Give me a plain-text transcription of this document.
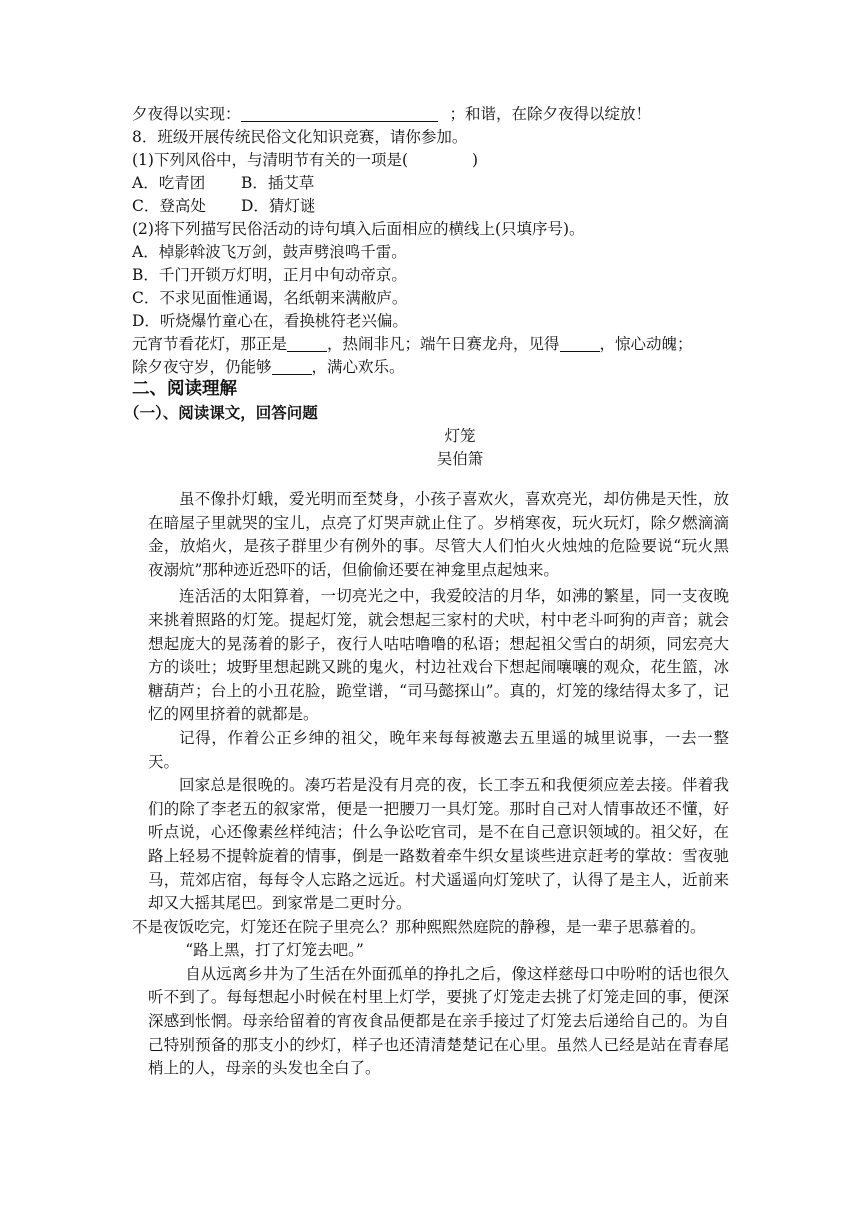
夕夜得以实现：	；和谐，在除夕夜得以绽放！
8．班级开展传统民俗文化知识竞赛，请你参加。
(1)下列风俗中，与清明节有关的一项是(	)
A．吃青团 B．插艾草
C．登高处 D．猜灯谜
(2)将下列描写民俗活动的诗句填入后面相应的横线上(只填序号)。
A．棹影斡波飞万剑，鼓声劈浪鸣千雷。
B．千门开锁万灯明，正月中旬动帝京。
C．不求见面惟通谒，名纸朝来满敝庐。
D．听烧爆竹童心在，看换桃符老兴偏。
元宵节看花灯，那正是	，热闹非凡；端午日赛龙舟，见得	，惊心动魄；
除夕夜守岁，仍能够	，满心欢乐。
二、阅读理解
（一）、阅读课文，回答问题
灯笼
吴伯箫

虽不像扑灯蛾，爱光明而至焚身，小孩子喜欢火，喜欢亮光，却仿佛是天性，放在暗屋子里就哭的宝儿，点亮了灯哭声就止住了。岁梢寒夜，玩火玩灯，除夕燃滴滴金，放焰火，是孩子群里少有例外的事。尽管大人们怕火火烛烛的危险要说“玩火黑夜溺炕”那种迹近恐吓的话，但偷偷还要在神龛里点起烛来。

连活活的太阳算着，一切亮光之中，我爱皎洁的月华，如沸的繁星，同一支夜晚来挑着照路的灯笼。提起灯笼，就会想起三家村的犬吠，村中老斗呵狗的声音；就会想起庞大的晃荡着的影子，夜行人咕咕噜噜的私语；想起祖父雪白的胡须，同宏亮大方的谈吐；坡野里想起跳又跳的鬼火，村边社戏台下想起闹嚷嚷的观众，花生篮，冰糖葫芦；台上的小丑花脸，跪堂谱，“司马懿探山”。真的，灯笼的缘结得太多了，记忆的网里挤着的就都是。

记得，作着公正乡绅的祖父，晚年来每每被邀去五里遥的城里说事，一去一整天。

回家总是很晚的。凑巧若是没有月亮的夜，长工李五和我便须应差去接。伴着我们的除了李老五的叙家常，便是一把腰刀一具灯笼。那时自己对人情事故还不懂，好听点说，心还像素丝样纯洁；什么争讼吃官司，是不在自己意识领域的。祖父好，在路上轻易不提斡旋着的情事，倒是一路数着牵牛织女星谈些进京赶考的掌故：雪夜驰马，荒郊店宿，每每令人忘路之远近。村犬遥遥向灯笼吠了，认得了是主人，近前来却又大摇其尾巴。到家常是二更时分。

不是夜饭吃完，灯笼还在院子里亮么？那种熙熙然庭院的静穆，是一辈子思慕着的。

“路上黑，打了灯笼去吧。”

自从远离乡井为了生活在外面孤单的挣扎之后，像这样慈母口中吩咐的话也很久听不到了。每每想起小时候在村里上灯学，要挑了灯笼走去挑了灯笼走回的事，便深深感到怅惘。母亲给留着的宵夜食品便都是在亲手接过了灯笼去后递给自己的。为自己特别预备的那支小的纱灯，样子也还清清楚楚记在心里。虽然人已经是站在青春尾梢上的人，母亲的头发也全白了。
